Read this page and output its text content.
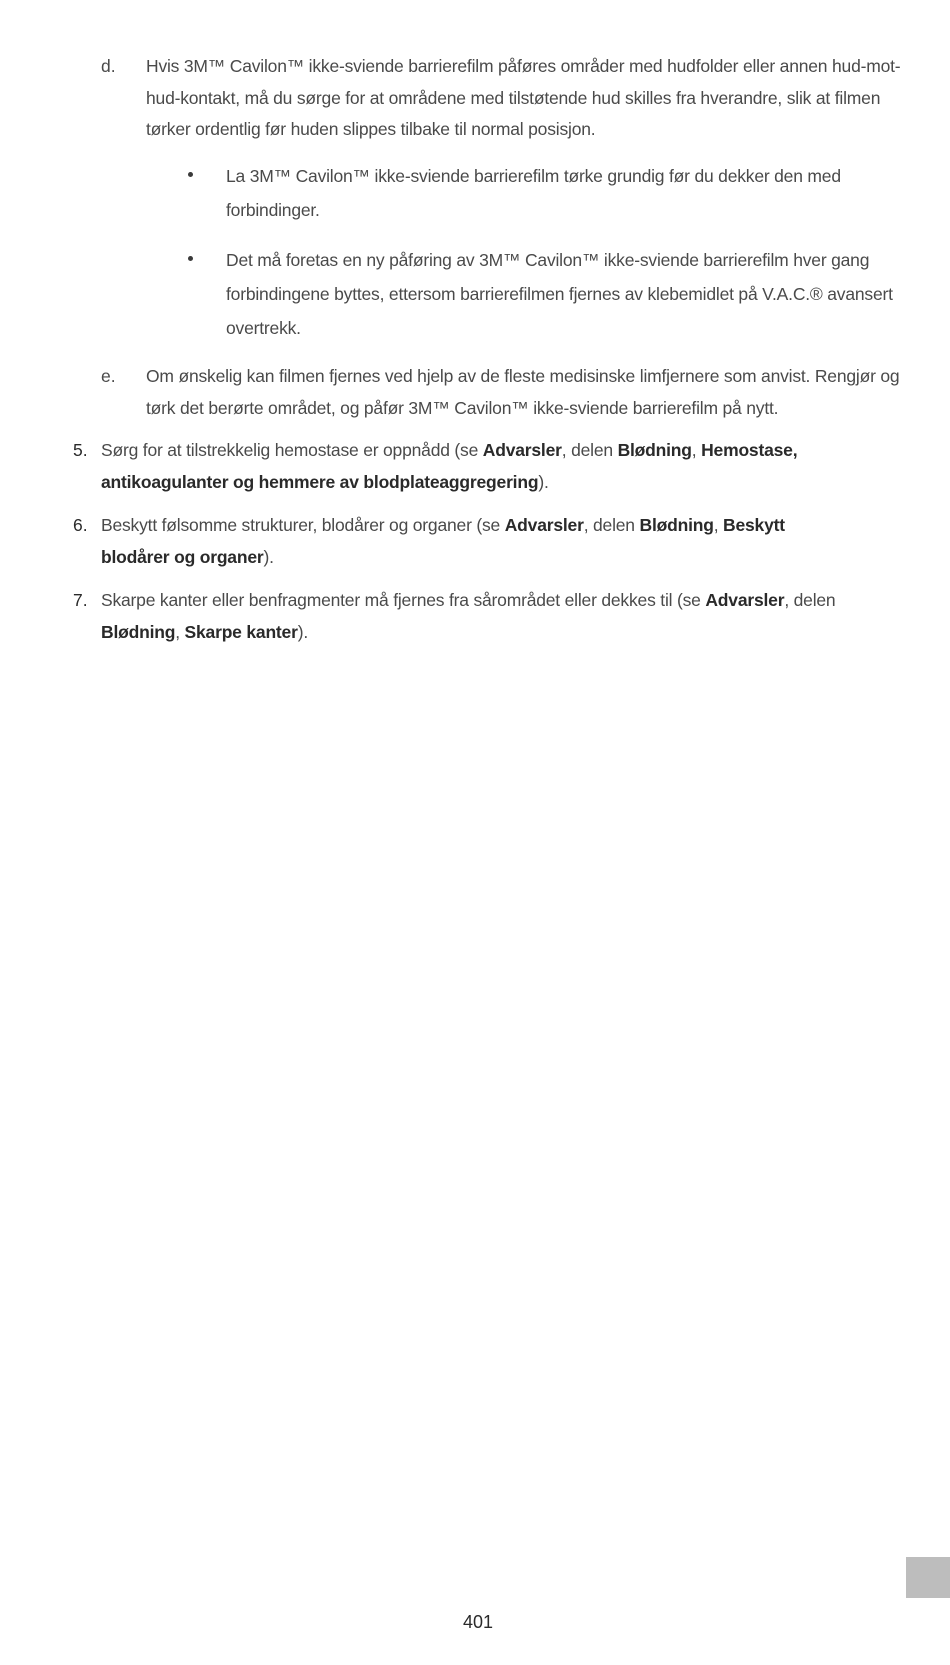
d. Hvis 3M™ Cavilon™ ikke-sviende barrierefilm påføres områder med hudfolder eller annen hud-mot-hud-kontakt, må du sørge for at områdene med tilstøtende hud skilles fra hverandre, slik at filmen tørker ordentlig før huden slippes tilbake til normal posisjon.
La 3M™ Cavilon™ ikke-sviende barrierefilm tørke grundig før du dekker den med forbindinger.
Det må foretas en ny påføring av 3M™ Cavilon™ ikke-sviende barrierefilm hver gang forbindingene byttes, ettersom barrierefilmen fjernes av klebemidlet på V.A.C.® avansert overtrekk.
e. Om ønskelig kan filmen fjernes ved hjelp av de fleste medisinske limfjernere som anvist. Rengjør og tørk det berørte området, og påfør 3M™ Cavilon™ ikke-sviende barrierefilm på nytt.
5. Sørg for at tilstrekkelig hemostase er oppnådd (se Advarsler, delen Blødning, Hemostase, antikoagulanter og hemmere av blodplateaggregering).
6. Beskytt følsomme strukturer, blodårer og organer (se Advarsler, delen Blødning, Beskytt blodårer og organer).
7. Skarpe kanter eller benfragmenter må fjernes fra sårområdet eller dekkes til (se Advarsler, delen Blødning, Skarpe kanter).
401
